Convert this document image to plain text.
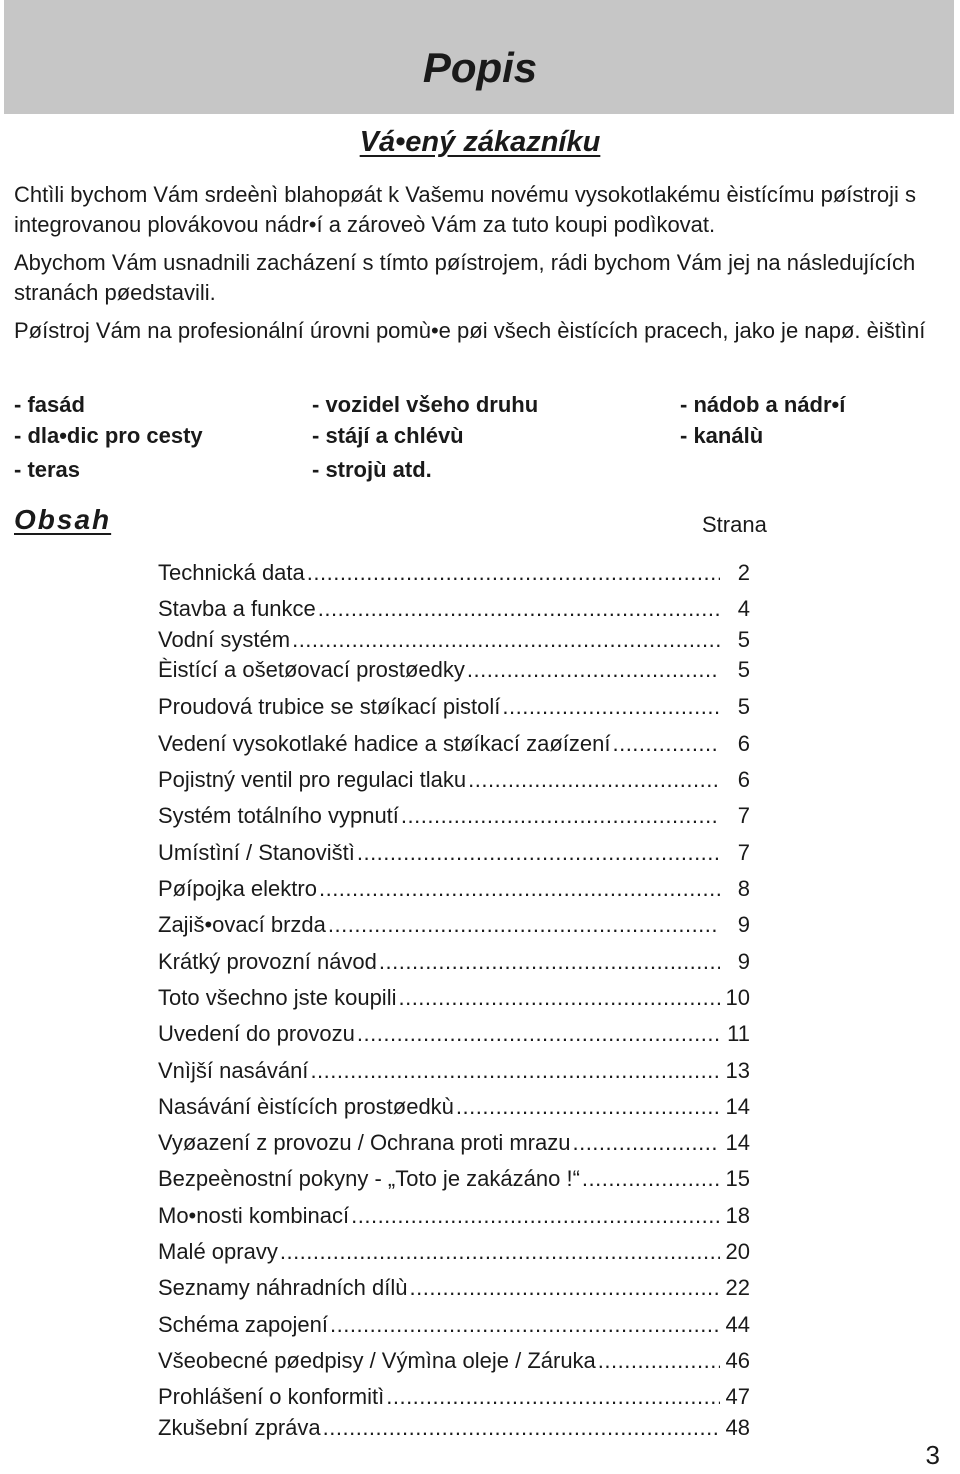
Popis
Vá•ený zákazníku

Chtìli bychom Vám srdeènì blahopøát k Vašemu novému vysokotlakému èistícímu pøístroji s integrovanou plovákovou nádr•í a zároveò Vám za tuto koupi podìkovat.

Abychom Vám usnadnili zacházení s tímto pøístrojem, rádi bychom Vám jej na následujících stranách pøedstavili.

Pøístroj Vám na profesionální úrovni pomù•e pøi všech èistících pracech, jako je napø. èištìní

- fasád	- vozidel všeho druhu	- nádob a nádr•í
- dla•dic pro cesty	- stájí a chlévù	- kanálù
- teras	- strojù atd.
Obsah	Strana
Technická data .....	2
Stavba a funkce .....	4
Vodní systém .....	5
Èistící a ošetøovací prostøedky .....	5
Proudová trubice se støíkací pistolí .....	5
Vedení vysokotlaké hadice a støíkací zaøízení .....	6
Pojistný ventil pro regulaci tlaku .....	6
Systém totálního vypnutí .....	7
Umístìní / Stanovištì .....	7
Pøípojka elektro .....	8
Zajiš•ovací brzda .....	9
Krátký provozní návod .....	9
Toto všechno jste koupili .....	10
Uvedení do provozu .....	11
Vnìjší nasávání .....	13
Nasávání èistících prostøedkù .....	14
Vyøazení z provozu / Ochrana proti mrazu .....	14
Bezpeènostní pokyny - „Toto je zakázáno !“ .....	15
Mo•nosti kombinací .....	18
Malé opravy .....	20
Seznamy náhradních dílù .....	22
Schéma zapojení .....	44
Všeobecné pøedpisy / Výmìna oleje / Záruka .....	46
Prohlášení o konformitì .....	47
Zkušební zpráva .....	48
3
